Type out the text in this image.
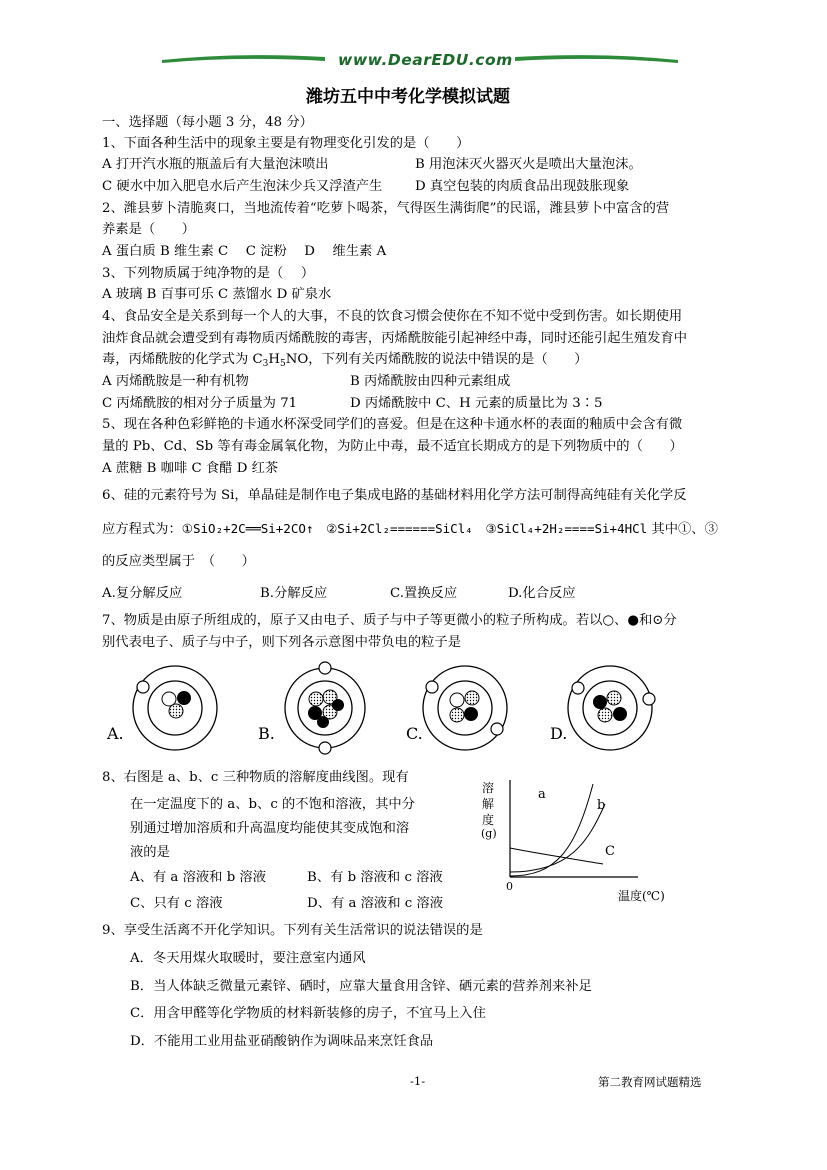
www.DearEDU.com
潍坊五中中考化学模拟试题
一、选择题（每小题 3 分，48 分）
1、下面各种生活中的现象主要是有物理变化引发的是（　　）
A 打开汽水瓶的瓶盖后有大量泡沫喷出	B 用泡沫灭火器灭火是喷出大量泡沫。
C 硬水中加入肥皂水后产生泡沫少兵又浮渣产生 D 真空包装的肉质食品出现鼓胀现象
2、潍县萝卜清脆爽口，当地流传着“吃萝卜喝茶，气得医生满街爬”的民谣，潍县萝卜中富含的营
养素是（　　）
A 蛋白质 B 维生素 C　 C 淀粉　 D　 维生素 A
3、下列物质属于纯净物的是（　 ）
A 玻璃 B 百事可乐 C 蒸馏水 D 矿泉水
4、食品安全是关系到每一个人的大事，不良的饮食习惯会使你在不知不觉中受到伤害。如长期使用
油炸食品就会遭受到有毒物质丙烯酰胺的毒害，丙烯酰胺能引起神经中毒，同时还能引起生殖发育中
毒，丙烯酰胺的化学式为 $C_3H_5NO$，下列有关丙烯酰胺的说法中错误的是（　　）
A 丙烯酰胺是一种有机物	B 丙烯酰胺由四种元素组成
C 丙烯酰胺的相对分子质量为 71	D 丙烯酰胺中 C、H 元素的质量比为 3∶5
5、现在各种色彩鲜艳的卡通水杯深受同学们的喜爱。但是在这种卡通水杯的表面的釉质中会含有微
量的 Pb、Cd、Sb 等有毒金属氧化物，为防止中毒，最不适宜长期成方的是下列物质中的（　　）
A 蔗糖 B 咖啡 C 食醋 D 红茶
6、硅的元素符号为 Si，单晶硅是制作电子集成电路的基础材料用化学方法可制得高纯硅有关化学反
应方程式为：①SiO₂+2C══Si+2CO↑ ②Si+2Cl₂======SiCl₄ ③SiCl₄+2H₂====Si+4HCl 其中①、③
的反应类型属于　（　　）
A.复分解反应	B.分解反应	C.置换反应	D.化合反应
7、物质是由原子所组成的，原子又由电子、质子与中子等更微小的粒子所构成。若以○、●和⊙分
别代表电子、质子与中子，则下列各示意图中带负电的粒子是
A.	B.	C.	D.
8、右图是 a、b、c 三种物质的溶解度曲线图。现有
在一定温度下的 a、b、c 的不饱和溶液，其中分
别通过增加溶质和升高温度均能使其变成饱和溶
液的是
A、有 a 溶液和 b 溶液	B、有 b 溶液和 c 溶液
C、只有 c 溶液	D、有 a 溶液和 c 溶液
溶
解
度
(g)
0
温度(℃)
a
b
C
9、享受生活离不开化学知识。下列有关生活常识的说法错误的是
A．冬天用煤火取暖时，要注意室内通风
B．当人体缺乏微量元素锌、硒时，应靠大量食用含锌、硒元素的营养剂来补足
C．用含甲醛等化学物质的材料新装修的房子，不宜马上入住
D．不能用工业用盐亚硝酸钠作为调味品来烹饪食品
-1-	第二教育网试题精选
